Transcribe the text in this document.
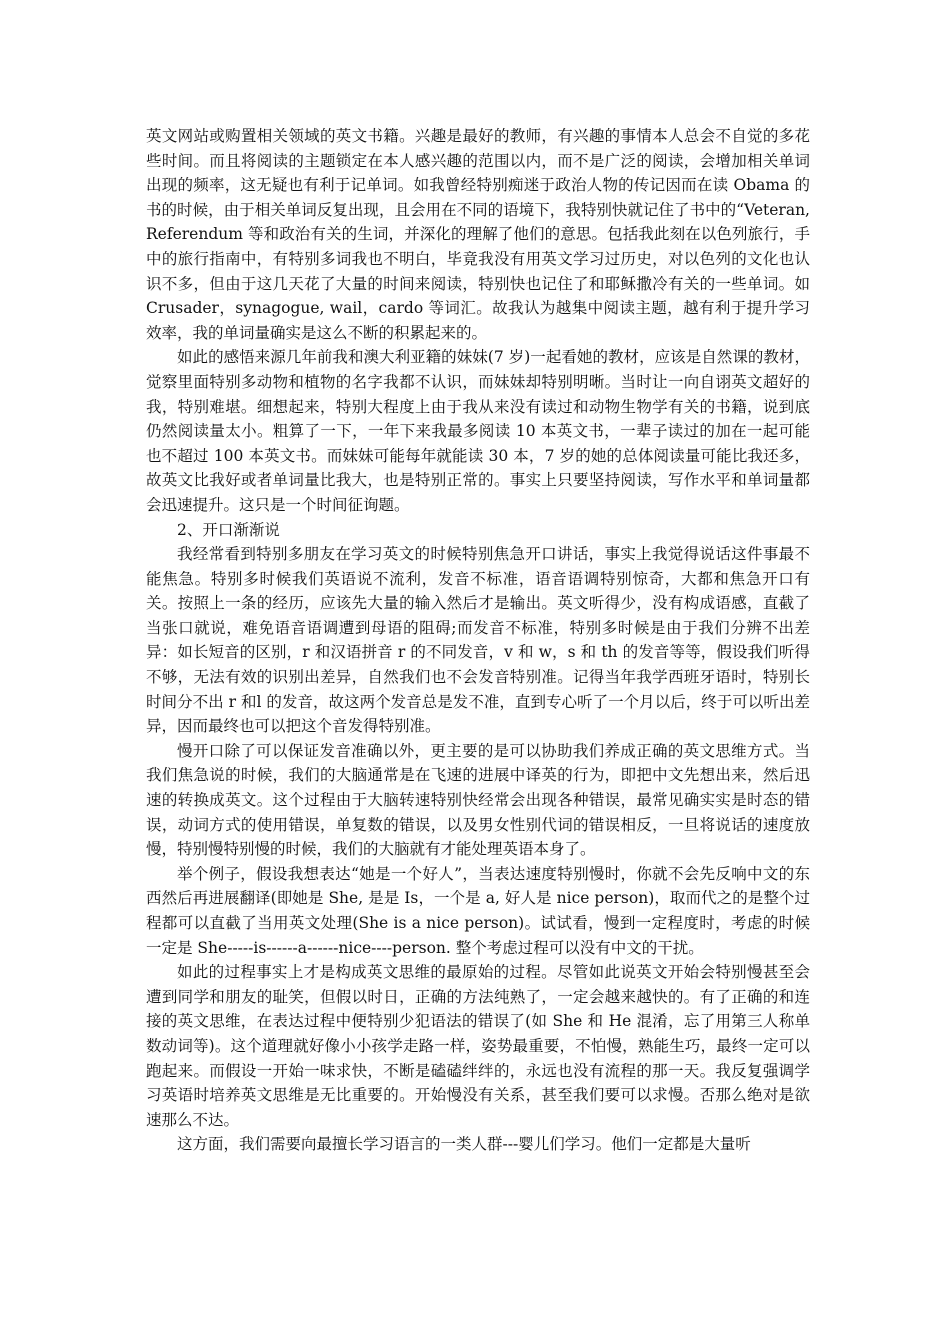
英文网站或购置相关领域的英文书籍。兴趣是最好的教师，有兴趣的事情本人总会不自觉的多花些时间。而且将阅读的主题锁定在本人感兴趣的范围以内，而不是广泛的阅读，会增加相关单词出现的频率，这无疑也有利于记单词。如我曾经特别痴迷于政治人物的传记因而在读 Obama 的书的时候，由于相关单词反复出现，且会用在不同的语境下，我特别快就记住了书中的“Veteran, Referendum 等和政治有关的生词，并深化的理解了他们的意思。包括我此刻在以色列旅行，手中的旅行指南中，有特别多词我也不明白，毕竟我没有用英文学习过历史，对以色列的文化也认识不多，但由于这几天花了大量的时间来阅读，特别快也记住了和耶稣撒冷有关的一些单词。如 Crusader，synagogue, wail，cardo 等词汇。故我认为越集中阅读主题，越有利于提升学习效率，我的单词量确实是这么不断的积累起来的。

如此的感悟来源几年前我和澳大利亚籍的妹妹(7 岁)一起看她的教材，应该是自然课的教材，觉察里面特别多动物和植物的名字我都不认识，而妹妹却特别明晰。当时让一向自诩英文超好的我，特别难堪。细想起来，特别大程度上由于我从来没有读过和动物生物学有关的书籍，说到底仍然阅读量太小。粗算了一下，一年下来我最多阅读 10 本英文书，一辈子读过的加在一起可能也不超过 100 本英文书。而妹妹可能每年就能读 30 本，7 岁的她的总体阅读量可能比我还多，故英文比我好或者单词量比我大，也是特别正常的。事实上只要坚持阅读，写作水平和单词量都会迅速提升。这只是一个时间征询题。

2、开口渐渐说

我经常看到特别多朋友在学习英文的时候特别焦急开口讲话，事实上我觉得说话这件事最不能焦急。特别多时候我们英语说不流利，发音不标准，语音语调特别惊奇，大都和焦急开口有关。按照上一条的经历，应该先大量的输入然后才是输出。英文听得少，没有构成语感，直截了当张口就说，难免语音语调遭到母语的阻碍;而发音不标准，特别多时候是由于我们分辨不出差异：如长短音的区别，r 和汉语拼音 r 的不同发音，v 和 w，s 和 th 的发音等等，假设我们听得不够，无法有效的识别出差异，自然我们也不会发音特别准。记得当年我学西班牙语时，特别长时间分不出 r 和l 的发音，故这两个发音总是发不准，直到专心听了一个月以后，终于可以听出差异，因而最终也可以把这个音发得特别准。

慢开口除了可以保证发音准确以外，更主要的是可以协助我们养成正确的英文思维方式。当我们焦急说的时候，我们的大脑通常是在飞速的进展中译英的行为，即把中文先想出来，然后迅速的转换成英文。这个过程由于大脑转速特别快经常会出现各种错误，最常见确实实是时态的错误，动词方式的使用错误，单复数的错误，以及男女性别代词的错误相反，一旦将说话的速度放慢，特别慢特别慢的时候，我们的大脑就有才能处理英语本身了。

举个例子，假设我想表达“她是一个好人”，当表达速度特别慢时，你就不会先反响中文的东西然后再进展翻译(即她是 She, 是是 Is，一个是 a, 好人是 nice person)，取而代之的是整个过程都可以直截了当用英文处理(She is a nice person)。试试看，慢到一定程度时，考虑的时候一定是 She-----is------a------nice----person. 整个考虑过程可以没有中文的干扰。

如此的过程事实上才是构成英文思维的最原始的过程。尽管如此说英文开始会特别慢甚至会遭到同学和朋友的耻笑，但假以时日，正确的方法纯熟了，一定会越来越快的。有了正确的和连接的英文思维，在表达过程中便特别少犯语法的错误了(如 She 和 He 混淆，忘了用第三人称单数动词等)。这个道理就好像小小孩学走路一样，姿势最重要，不怕慢，熟能生巧，最终一定可以跑起来。而假设一开始一味求快，不断是磕磕绊绊的，永远也没有流程的那一天。我反复强调学习英语时培养英文思维是无比重要的。开始慢没有关系，甚至我们要可以求慢。否那么绝对是欲速那么不达。

这方面，我们需要向最擅长学习语言的一类人群---婴儿们学习。他们一定都是大量听
